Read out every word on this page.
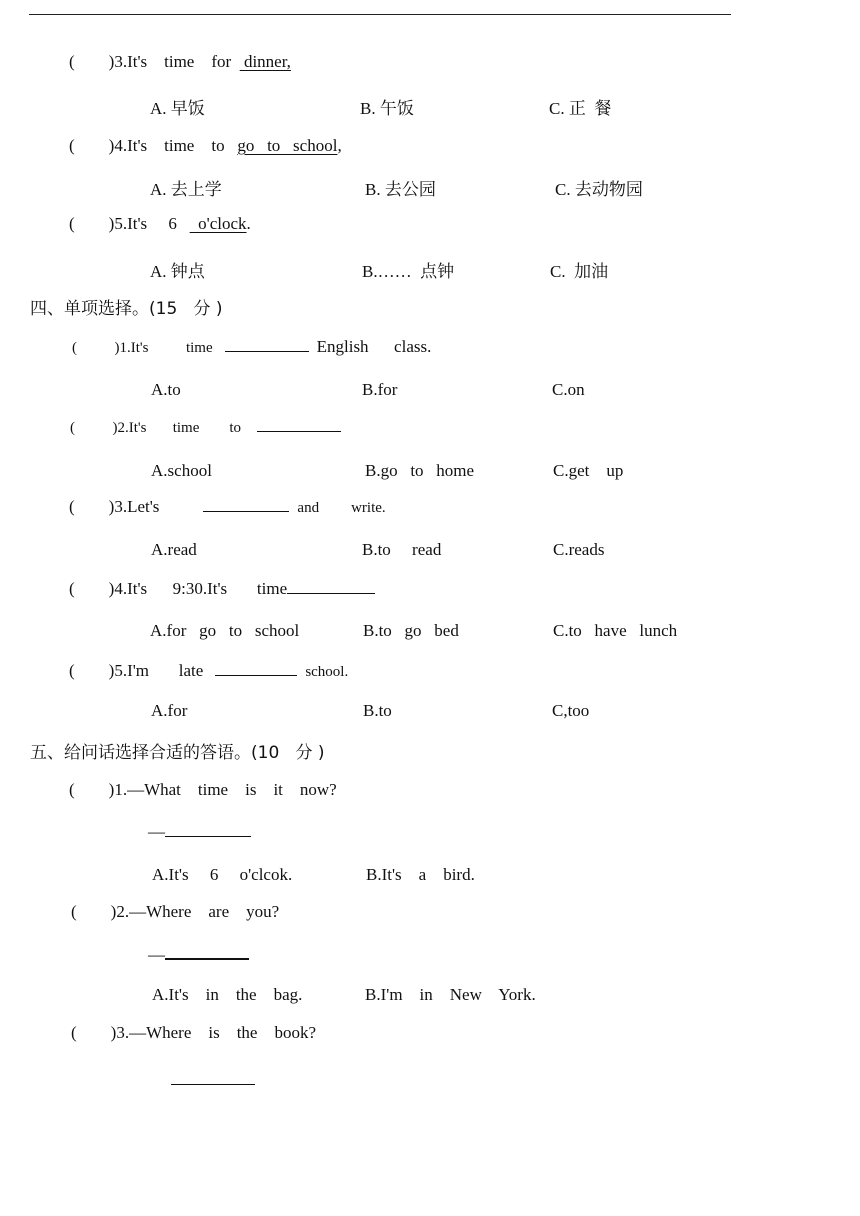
(        )3.It's    time    for   dinner,
A. 早饭	B. 午饭	C. 正  餐
(        )4.It's    time    to   go   to   school,
A. 去上学	B. 去公园	C. 去动物园
(        )5.It's     6     o'clock.
A. 钟点	B.……  点钟	C.  加油
四、单项选择。(15   分 )
(          )1.It's          time	English      class.
A.to	B.for	C.on
(          )2.It's       time        to
A.school	B.go   to   home	C.get    up
(        )3.Let's	and write.
A.read	B.to     read	C.reads
(        )4.It's      9:30.It's       time
A.for   go   to   school	B.to   go   bed	C.to   have   lunch
(        )5.I'm       late	school.
A.for	B.to	C,too
五、给问话选择合适的答语。(10   分 )
(        )1.—What    time    is    it    now?
—
A.It's     6     o'clcok.	B.It's    a    bird.
(        )2.—Where    are    you?
—
A.It's    in    the    bag.	B.I'm    in    New    York.
(        )3.—Where    is    the    book?
